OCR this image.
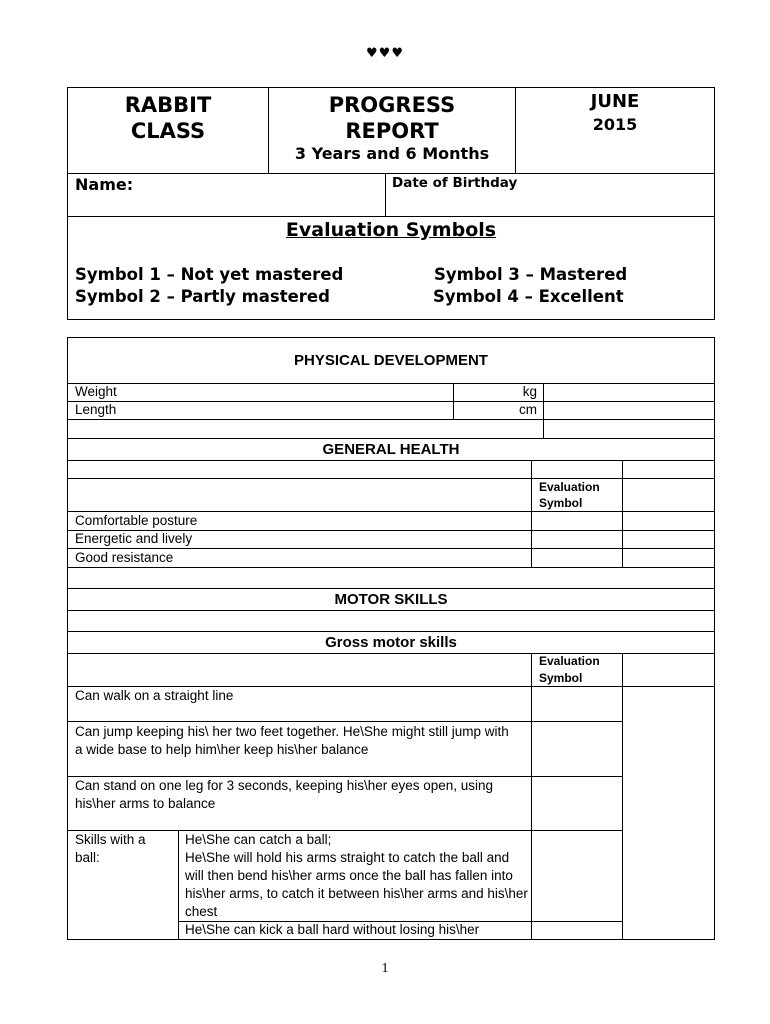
♥♥♥
RABBIT
CLASS
PROGRESS
REPORT
3 Years and 6 Months
JUNE
2015
Name:	Date of Birthday
Evaluation Symbols
Symbol 1 – Not yet mastered
Symbol 2 – Partly mastered
Symbol 3 – Mastered
Symbol 4 – Excellent
PHYSICAL DEVELOPMENT
Weight	kg
Length	cm
GENERAL HEALTH
Evaluation
Symbol
Comfortable posture
Energetic and lively
Good resistance
MOTOR SKILLS
Gross motor skills
Evaluation
Symbol
Can walk on a straight line
Can jump keeping his\ her two feet together. He\She might still jump with a wide base to help him\her keep his\her balance
Can stand on one leg for 3 seconds, keeping his\her eyes open, using his\her arms to balance
Skills with a ball:
He\She can catch a ball;
He\She will hold his arms straight to catch the ball and will then bend his\her arms once the ball has fallen into his\her arms, to catch it between his\her arms and his\her chest
He\She can kick a ball hard without losing his\her
1
